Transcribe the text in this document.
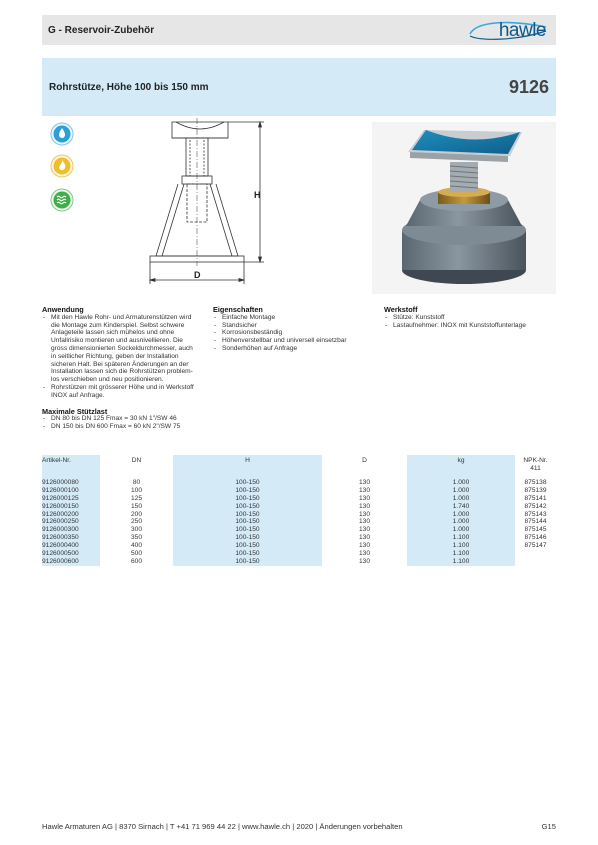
G - Reservoir-Zubehör	hawle
Rohrstütze, Höhe 100 bis 150 mm	9126
H
D
Anwendung
- Mit den Hawle Rohr- und Armaturenstützen wird
die Montage zum Kinderspiel. Selbst schwere
Anlageteile lassen sich mühelos und ohne
Unfallrisiko montieren und ausnivellieren. Die
gross dimensionierten Sockeldurchmesser, auch
in seitlicher Richtung, geben der Installation
sicheren Halt. Bei späteren Änderungen an der
Installation lassen sich die Rohrstützen problem-
los verschieben und neu positionieren.
- Rohrstützen mit grösserer Höhe und in Werkstoff
INOX auf Anfrage.
Maximale Stützlast
- DN 80 bis DN 125 Fmax = 30 kN 1"/SW 46
- DN 150 bis DN 600 Fmax = 60 kN 2"/SW 75
Eigenschaften
- Einfache Montage
- Standsicher
- Korrosionsbeständig
- Höhenverstellbar und universell einsetzbar
- Sonderhöhen auf Anfrage
Werkstoff
- Stütze: Kunststoff
- Lastaufnehmer: INOX mit Kunststoffunterlage
Artikel-Nr.	DN	H	D	kg	NPK-Nr. 411
9126000080	80	100-150	130	1.000	875138
9126000100	100	100-150	130	1.000	875139
9126000125	125	100-150	130	1.000	875141
9126000150	150	100-150	130	1.740	875142
9126000200	200	100-150	130	1.000	875143
9126000250	250	100-150	130	1.000	875144
9126000300	300	100-150	130	1.000	875145
9126000350	350	100-150	130	1.100	875146
9126000400	400	100-150	130	1.100	875147
9126000500	500	100-150	130	1.100
9126000600	600	100-150	130	1.100
Hawle Armaturen AG | 8370 Sirnach | T +41 71 969 44 22 | www.hawle.ch | 2020 | Änderungen vorbehalten	G15
